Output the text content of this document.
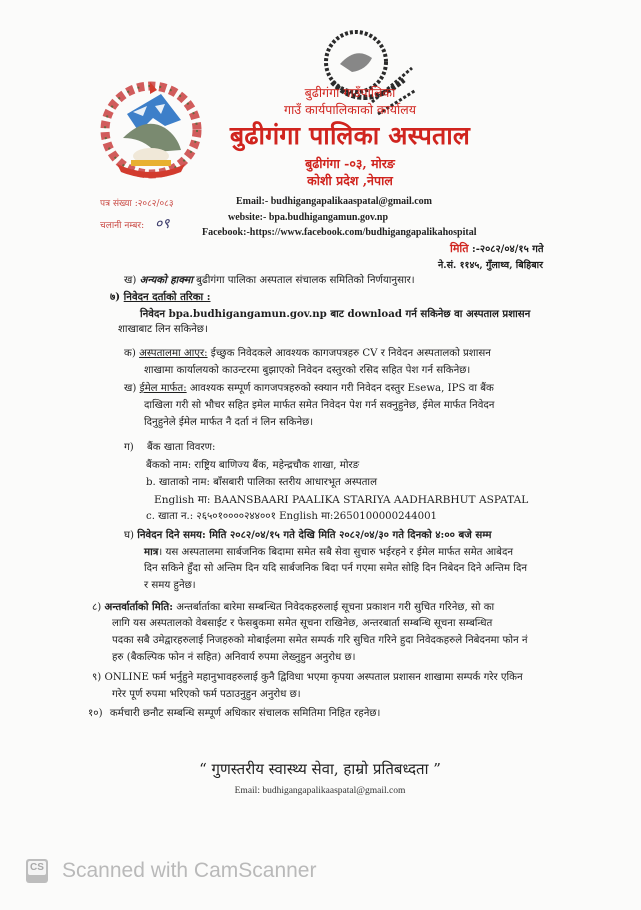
बुढीगंगा गाउँपालिका
गाउँ कार्यपालिकाको कार्यालय
बुढीगंगा पालिका अस्पताल
बुढीगंगा -०३, मोरङ
कोशी प्रदेश ,नेपाल
पत्र संख्या :२०८२/०८३
चलानी नम्बर: ०९
Email:- budhigangapalikaaspatal@gmail.com
website:- bpa.budhigangamun.gov.np
Facebook:-https://www.facebook.com/budhigangapalikahospital
मिति :-२०८२/०४/१५ गते
ने.सं. ११४५, गुँलाथ्व, बिहिबार
ख) अन्यको हाक्मा बुढीगंगा पालिका अस्पताल संचालक समितिको निर्णयानुसार।
७) निवेदन दर्ताको तरिका :
निवेदन bpa.budhigangamun.gov.np बाट download गर्न सकिनेछ वा अस्पताल प्रशासन
शाखाबाट लिन सकिनेछ।
क) अस्पतालमा आएर: ईच्छुक निवेदकले आवश्यक कागजपत्रहरु CV र निवेदन अस्पतालको प्रशासन
शाखामा कार्यालयको काउन्टरमा बुझाएको निवेदन दस्तुरको रसिद सहित पेश गर्न सकिनेछ।
ख) ईमेल मार्फत: आवश्यक सम्पूर्ण कागजपत्रहरुको स्क्यान गरी निवेदन दस्तुर Esewa, IPS वा बैंक
दाखिला गरी सो भौचर सहित इमेल मार्फत समेत निवेदन पेश गर्न सक्नुहुनेछ, ईमेल मार्फत निवेदन
दिनुहुनेले ईमेल मार्फत नै दर्ता नं लिन सकिनेछ।
ग) बैंक खाता विवरण:
बैंकको नाम: राष्ट्रिय बाणिज्य बैंक, महेन्द्रचौक शाखा, मोरङ
b. खाताको नाम: बाँसबारी पालिका स्तरीय आधारभूत अस्पताल
English मा: BAANSBAARI PAALIKA STARIYA AADHARBHUT ASPATAL
c. खाता न.: २६५०१००००२४४००१ English मा:2650100000244001
घ) निवेदन दिने समय: मिति २०८२/०४/१५ गते देखि मिति २०८२/०४/३० गते दिनको ४:०० बजे सम्म
मात्र। यस अस्पतालमा सार्बजनिक बिदामा समेत सबै सेवा सुचारु भईरहने र ईमेल मार्फत समेत आबेदन
दिन सकिने हुँदा सो अन्तिम दिन यदि सार्बजनिक बिदा पर्न गएमा समेत सोहि दिन निबेदन दिने अन्तिम दिन
र समय हुनेछ।
८) अन्तर्वार्ताको मिति: अन्तर्बार्ताका बारेमा सम्बन्धित निवेदकहरुलाई सूचना प्रकाशन गरी सुचित गरिनेछ, सो का
लागि यस अस्पतालको वेबसाईट र फेसबुकमा समेत सूचना राखिनेछ, अन्तरबार्ता सम्बन्धि सूचना सम्बन्धित
पदका सबै उमेद्वारहरुलाई निजहरुको मोबाईलमा समेत सम्पर्क गरि सुचित गरिने हुदा निवेदकहरुले निबेदनमा फोन नं
हरु (बैकल्पिक फोन नं सहित) अनिवार्य रुपमा लेख्नुहुन अनुरोध छ।
९) ONLINE फर्म भर्नुहुने महानुभावहरुलाई कुनै द्विविधा भएमा कृपया अस्पताल प्रशासन शाखामा सम्पर्क गरेर एकिन
गरेर पूर्ण रुपमा भरिएको फर्म पठाउनुहुन अनुरोध छ।
१०) कर्मचारी छनौट सम्बन्धि सम्पूर्ण अधिकार संचालक समितिमा निहित रहनेछ।
“ गुणस्तरीय स्वास्थ्य सेवा, हाम्रो प्रतिबध्दता ”
Email: budhigangapalikaaspatal@gmail.com
CS Scanned with CamScanner
